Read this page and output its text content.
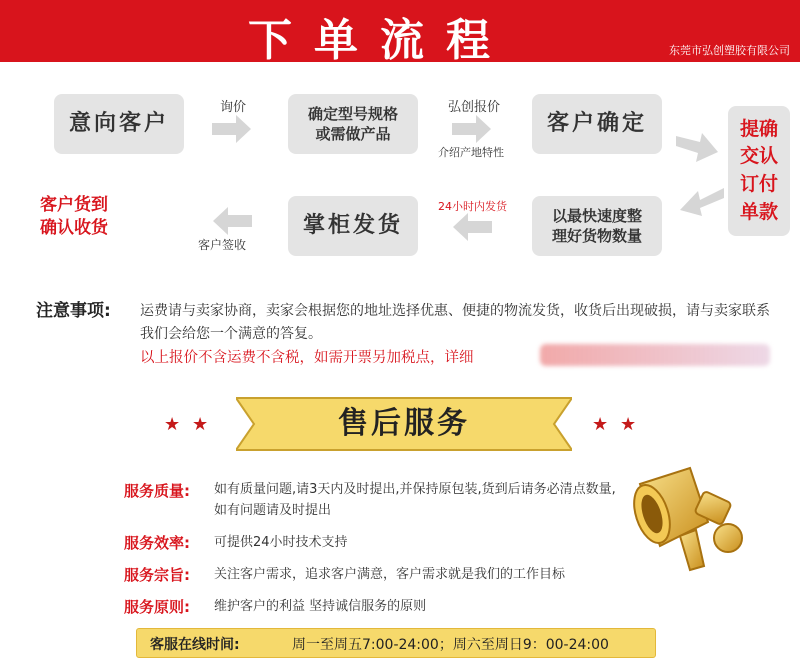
下单流程	东莞市弘创塑胶有限公司
意向客户
询价	确定型号规格
或需做产品
弘创报价
介绍产地特性
客户确定	提确
交认
订付
单款
以最快速度整
理好货物数量
24小时内发货
掌柜发货
客户签收
客户货到
确认收货
注意事项: 运费请与卖家协商，卖家会根据您的地址选择优惠、便捷的物流发货，收货后出现破损，请与卖家联系我们会给您一个满意的答复。
以上报价不含运费不含税，如需开票另加税点，详细
★ ★	★ ★
售后服务
服务质量: 如有质量问题,请3天内及时提出,并保持原包装,货到后请务必清点数量,
如有问题请及时提出
服务效率: 可提供24小时技术支持
服务宗旨: 关注客户需求，追求客户满意，客户需求就是我们的工作目标
服务原则: 维护客户的利益 坚持诚信服务的原则
客服在线时间:	周一至周五7:00-24:00；周六至周日9：00-24:00
